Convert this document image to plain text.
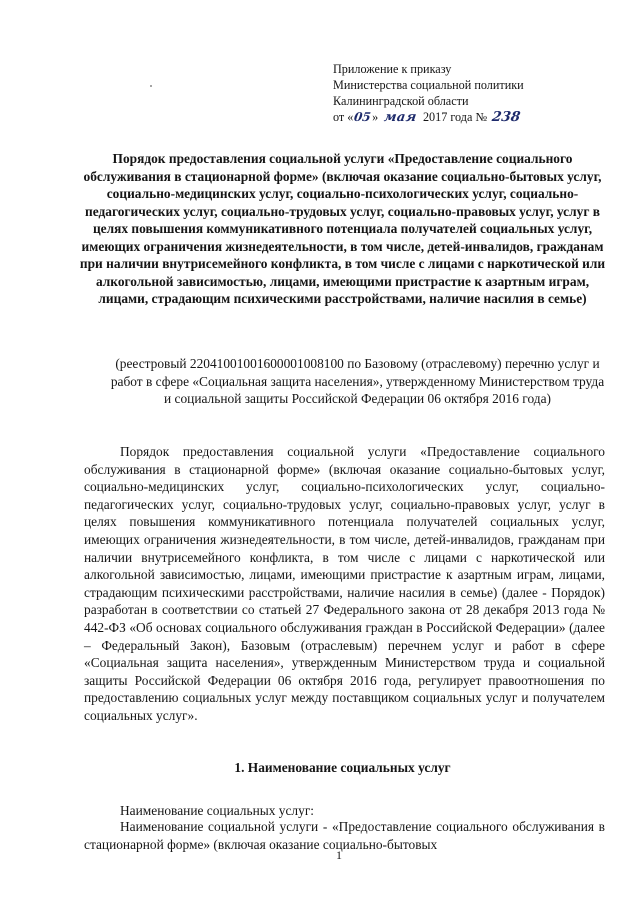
Приложение к приказу
Министерства социальной политики
Калининградской области
от «05» мая 2017 года № 238

Порядок предоставления социальной услуги «Предоставление социального обслуживания в стационарной форме» (включая оказание социально-бытовых услуг, социально-медицинских услуг, социально-психологических услуг, социально-педагогических услуг, социально-трудовых услуг, социально-правовых услуг, услуг в целях повышения коммуникативного потенциала получателей социальных услуг, имеющих ограничения жизнедеятельности, в том числе, детей-инвалидов, гражданам при наличии внутрисемейного конфликта, в том числе с лицами с наркотической или алкогольной зависимостью, лицами, имеющими пристрастие к азартным играм, лицами, страдающим психическими расстройствами, наличие насилия в семье)

(реестровый 22041001001600001008100 по Базовому (отраслевому) перечню услуг и работ в сфере «Социальная защита населения», утвержденному Министерством труда и социальной защиты Российской Федерации 06 октября 2016 года)

Порядок предоставления социальной услуги «Предоставление социального обслуживания в стационарной форме» (включая оказание социально-бытовых услуг, социально-медицинских услуг, социально-психологических услуг, социально-педагогических услуг, социально-трудовых услуг, социально-правовых услуг, услуг в целях повышения коммуникативного потенциала получателей социальных услуг, имеющих ограничения жизнедеятельности, в том числе, детей-инвалидов, гражданам при наличии внутрисемейного конфликта, в том числе с лицами с наркотической или алкогольной зависимостью, лицами, имеющими пристрастие к азартным играм, лицами, страдающим психическими расстройствами, наличие насилия в семье) (далее - Порядок) разработан в соответствии со статьей 27 Федерального закона от 28 декабря 2013 года № 442-ФЗ «Об основах социального обслуживания граждан в Российской Федерации» (далее – Федеральный Закон), Базовым (отраслевым) перечнем услуг и работ в сфере «Социальная защита населения», утвержденным Министерством труда и социальной защиты Российской Федерации 06 октября 2016 года, регулирует правоотношения по предоставлению социальных услуг между поставщиком социальных услуг и получателем социальных услуг».

1. Наименование социальных услуг

Наименование социальных услуг:

Наименование социальной услуги - «Предоставление социального обслуживания в стационарной форме» (включая оказание социально-бытовых

1
